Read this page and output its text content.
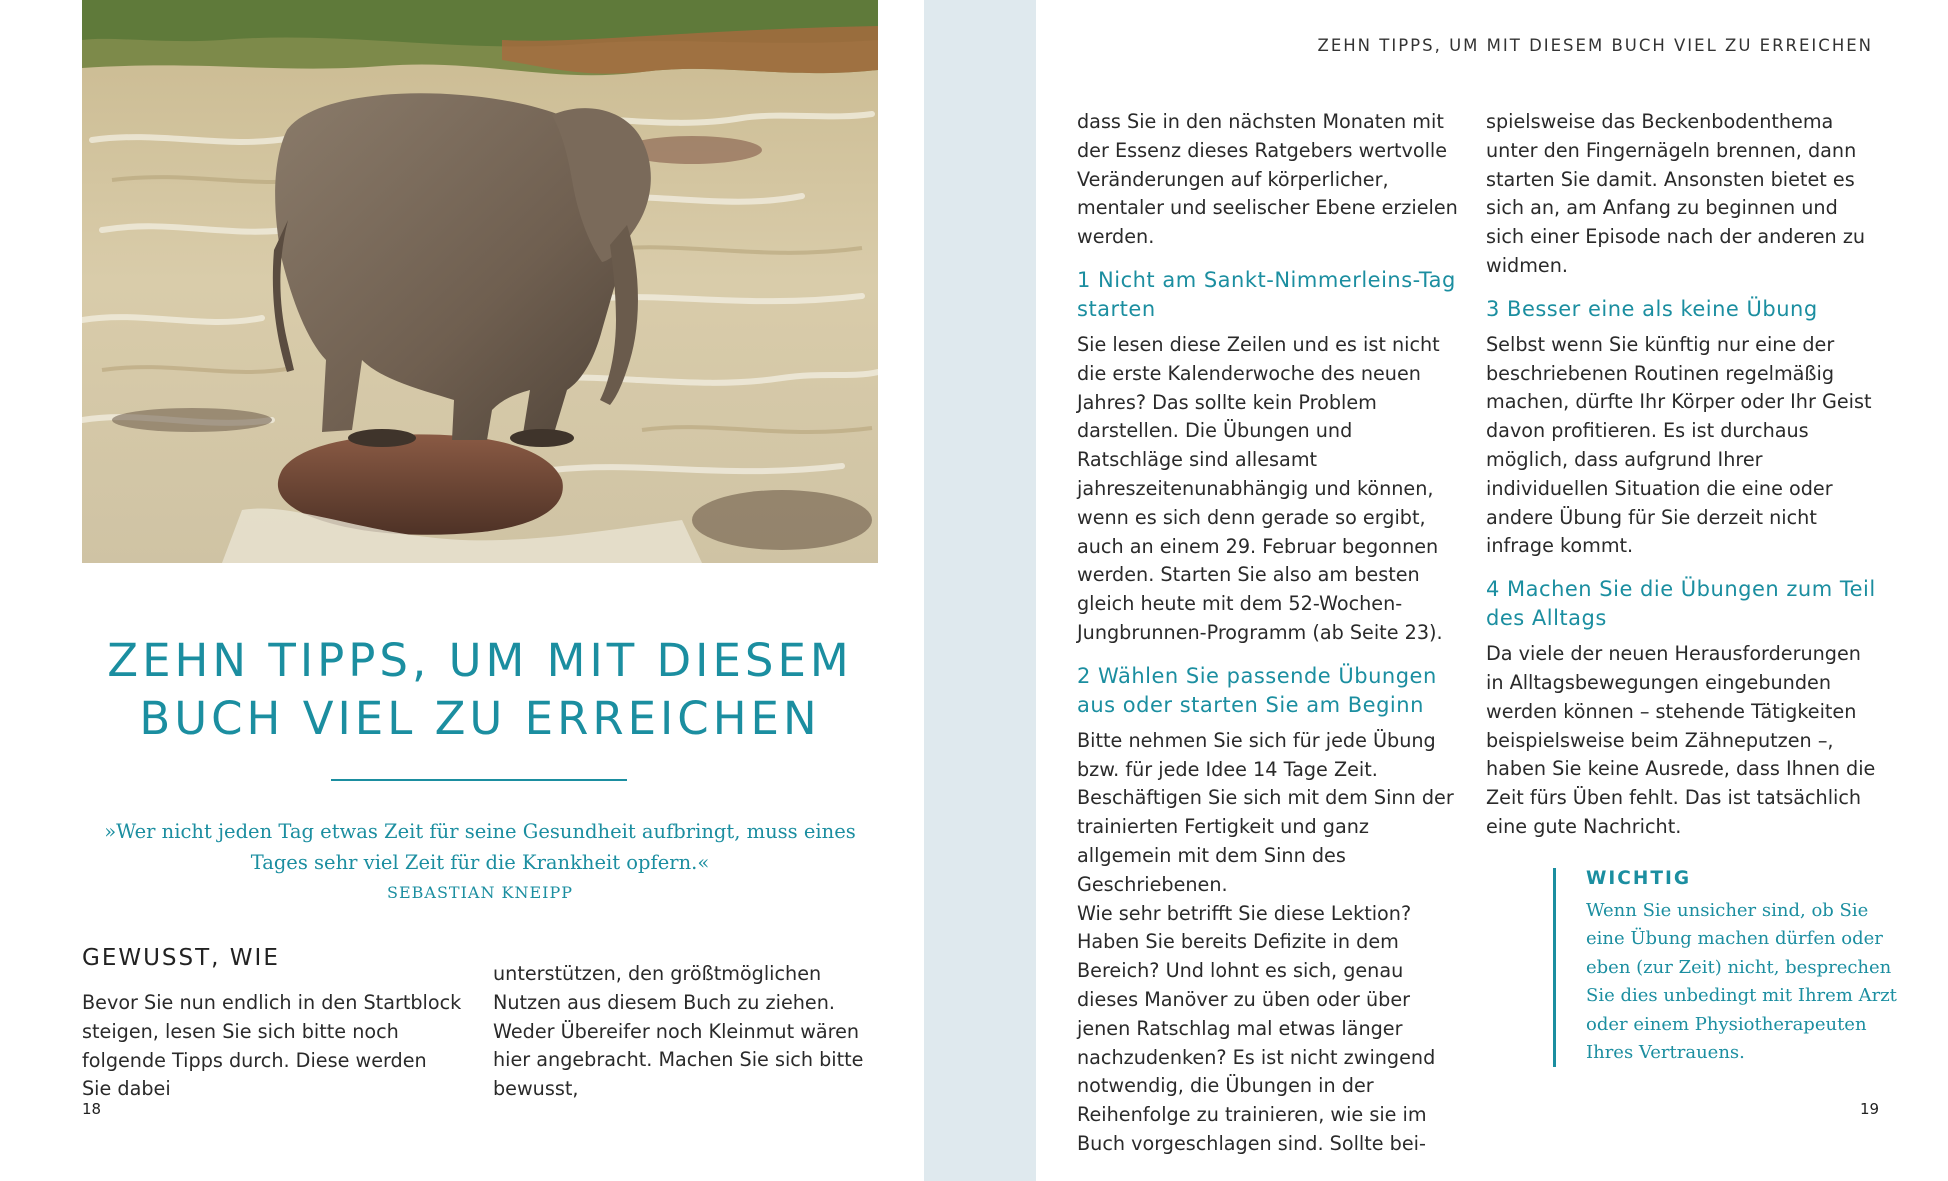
ZEHN TIPPS, UM MIT DIESEM
BUCH VIEL ZU ERREICHEN
»Wer nicht jeden Tag etwas Zeit für seine Gesundheit aufbringt, muss eines Tages sehr viel Zeit für die Krankheit opfern.«
SEBASTIAN KNEIPP
GEWUSST, WIE

Bevor Sie nun endlich in den Startblock steigen, lesen Sie sich bitte noch folgende Tipps durch. Diese werden Sie dabei

unterstützen, den größtmöglichen Nutzen aus diesem Buch zu ziehen. Weder Übereifer noch Kleinmut wären hier angebracht. Machen Sie sich bitte bewusst,

18
ZEHN TIPPS, UM MIT DIESEM BUCH VIEL ZU ERREICHEN

dass Sie in den nächsten Monaten mit der Essenz dieses Ratgebers wertvolle Veränderungen auf körperlicher, mentaler und seelischer Ebene erzielen werden.

1 Nicht am Sankt-Nimmerleins-Tag starten

Sie lesen diese Zeilen und es ist nicht die erste Kalenderwoche des neuen Jahres? Das sollte kein Problem darstellen. Die Übungen und Ratschläge sind allesamt jahreszeitenunabhängig und können, wenn es sich denn gerade so ergibt, auch an einem 29. Februar begonnen werden. Starten Sie also am besten gleich heute mit dem 52-Wochen-Jungbrunnen-Programm (ab Seite 23).

2 Wählen Sie passende Übungen aus oder starten Sie am Beginn

Bitte nehmen Sie sich für jede Übung bzw. für jede Idee 14 Tage Zeit. Beschäftigen Sie sich mit dem Sinn der trainierten Fertigkeit und ganz allgemein mit dem Sinn des Geschriebenen.

Wie sehr betrifft Sie diese Lektion? Haben Sie bereits Defizite in dem Bereich? Und lohnt es sich, genau dieses Manöver zu üben oder über jenen Ratschlag mal etwas länger nachzudenken? Es ist nicht zwingend notwendig, die Übungen in der Reihenfolge zu trainieren, wie sie im Buch vorgeschlagen sind. Sollte bei-

spielsweise das Beckenbodenthema unter den Fingernägeln brennen, dann starten Sie damit. Ansonsten bietet es sich an, am Anfang zu beginnen und sich einer Episode nach der anderen zu widmen.

3 Besser eine als keine Übung

Selbst wenn Sie künftig nur eine der beschriebenen Routinen regelmäßig machen, dürfte Ihr Körper oder Ihr Geist davon profitieren. Es ist durchaus möglich, dass aufgrund Ihrer individuellen Situation die eine oder andere Übung für Sie derzeit nicht infrage kommt.

4 Machen Sie die Übungen zum Teil des Alltags

Da viele der neuen Herausforderungen in Alltagsbewegungen eingebunden werden können – stehende Tätigkeiten beispielsweise beim Zähneputzen –, haben Sie keine Ausrede, dass Ihnen die Zeit fürs Üben fehlt. Das ist tatsächlich eine gute Nachricht.

WICHTIG
Wenn Sie unsicher sind, ob Sie eine Übung machen dürfen oder eben (zur Zeit) nicht, besprechen Sie dies unbedingt mit Ihrem Arzt oder einem Physiotherapeuten Ihres Vertrauens.
19
